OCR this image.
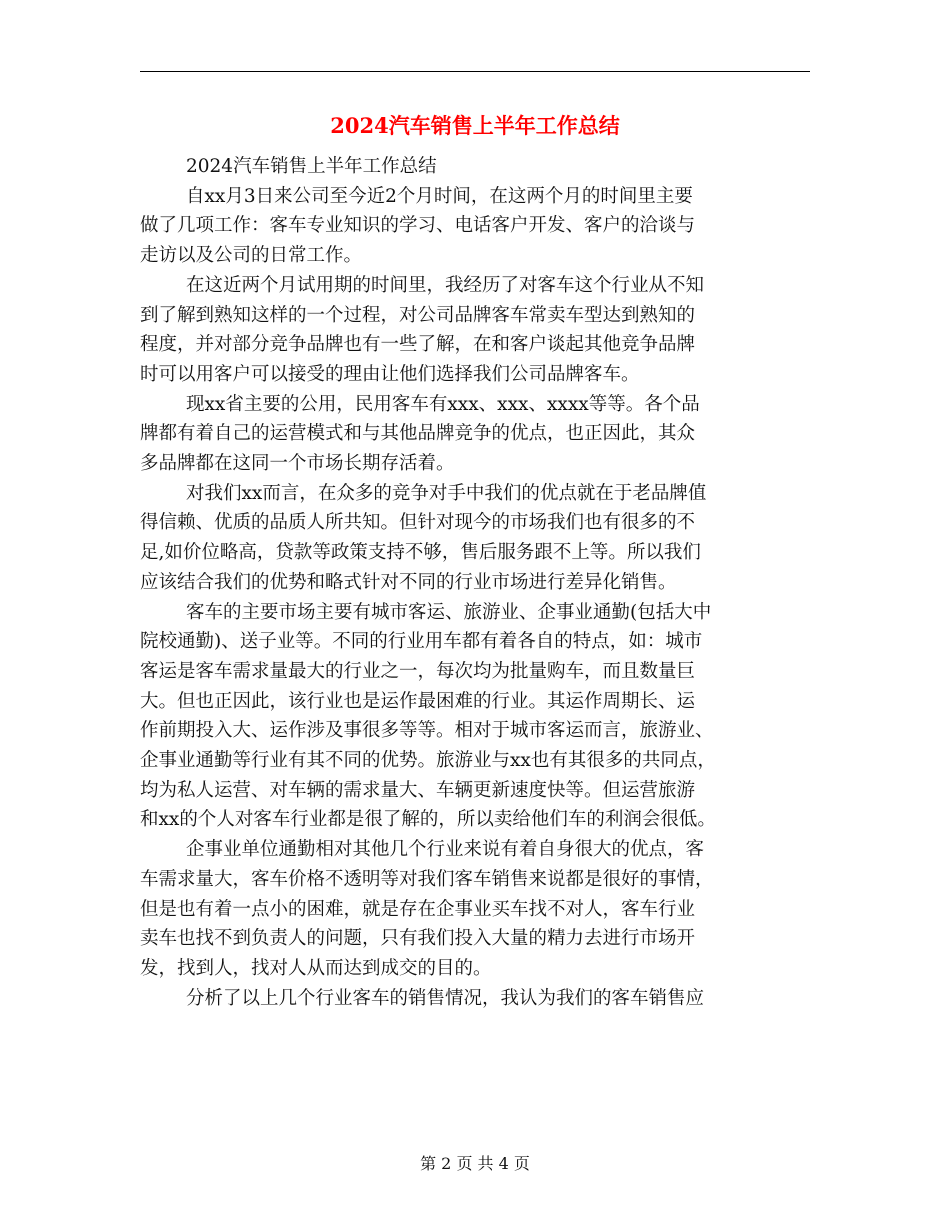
2024汽车销售上半年工作总结
2024汽车销售上半年工作总结
自xx月3日来公司至今近2个月时间，在这两个月的时间里主要
做了几项工作：客车专业知识的学习、电话客户开发、客户的洽谈与
走访以及公司的日常工作。
在这近两个月试用期的时间里，我经历了对客车这个行业从不知
到了解到熟知这样的一个过程，对公司品牌客车常卖车型达到熟知的
程度，并对部分竞争品牌也有一些了解，在和客户谈起其他竞争品牌
时可以用客户可以接受的理由让他们选择我们公司品牌客车。
现xx省主要的公用，民用客车有xxx、xxx、xxxx等等。各个品
牌都有着自己的运营模式和与其他品牌竞争的优点，也正因此，其众
多品牌都在这同一个市场长期存活着。
对我们xx而言，在众多的竞争对手中我们的优点就在于老品牌值
得信赖、优质的品质人所共知。但针对现今的市场我们也有很多的不
足,如价位略高，贷款等政策支持不够，售后服务跟不上等。所以我们
应该结合我们的优势和略式针对不同的行业市场进行差异化销售。
客车的主要市场主要有城市客运、旅游业、企事业通勤(包括大中
院校通勤)、送子业等。不同的行业用车都有着各自的特点，如：城市
客运是客车需求量最大的行业之一，每次均为批量购车，而且数量巨
大。但也正因此，该行业也是运作最困难的行业。其运作周期长、运
作前期投入大、运作涉及事很多等等。相对于城市客运而言，旅游业、
企事业通勤等行业有其不同的优势。旅游业与xx也有其很多的共同点，
均为私人运营、对车辆的需求量大、车辆更新速度快等。但运营旅游
和xx的个人对客车行业都是很了解的，所以卖给他们车的利润会很低。
企事业单位通勤相对其他几个行业来说有着自身很大的优点，客
车需求量大，客车价格不透明等对我们客车销售来说都是很好的事情，
但是也有着一点小的困难，就是存在企事业买车找不对人，客车行业
卖车也找不到负责人的问题，只有我们投入大量的精力去进行市场开
发，找到人，找对人从而达到成交的目的。
分析了以上几个行业客车的销售情况，我认为我们的客车销售应
第 2 页 共 4 页
